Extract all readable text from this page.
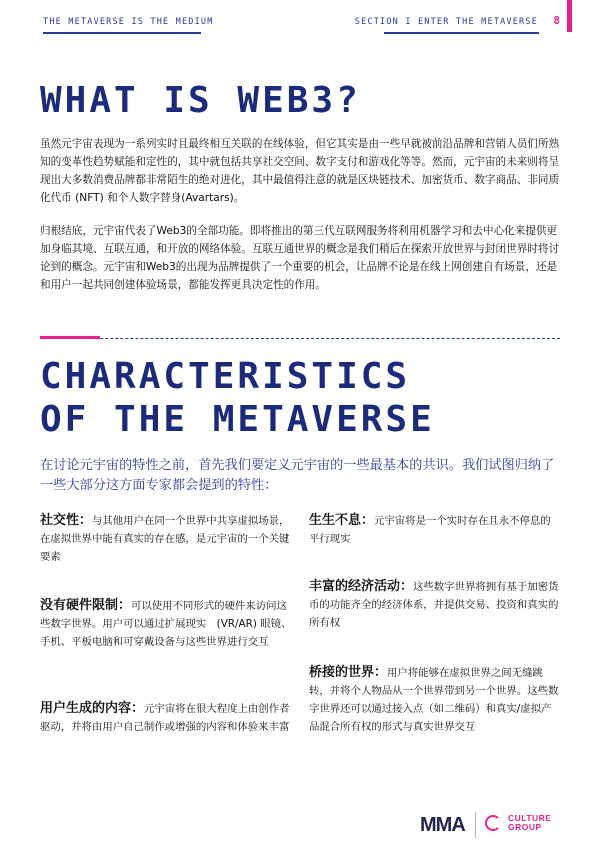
THE METAVERSE IS THE MEDIUM	SECTION I ENTER THE METAVERSE 8
WHAT IS WEB3?

虽然元宇宙表现为一系列实时且最终相互关联的在线体验，但它其实是由一些早就被前沿品牌和营销人员们所熟知的变革性趋势赋能和定性的，其中就包括共享社交空间、数字支付和游戏化等等。然而，元宇宙的未来则将呈现出大多数消费品牌都非常陌生的绝对进化，其中最值得注意的就是区块链技术、加密货币、数字商品、非同质化代币 (NFT) 和个人数字替身(Avartars)。

归根结底，元宇宙代表了Web3的全部功能。即将推出的第三代互联网服务将利用机器学习和去中心化来提供更加身临其境、互联互通，和开放的网络体验。互联互通世界的概念是我们稍后在探索开放世界与封闭世界时将讨论到的概念。元宇宙和Web3的出现为品牌提供了一个重要的机会，让品牌不论是在线上网创建自有场景，还是和用户一起共同创建体验场景，都能发挥更具决定性的作用。

CHARACTERISTICS
OF THE METAVERSE

在讨论元宇宙的特性之前，首先我们要定义元宇宙的一些最基本的共识。我们试图归纳了一些大部分这方面专家都会提到的特性：

社交性：与其他用户在同一个世界中共享虚拟场景，在虚拟世界中能有真实的存在感，是元宇宙的一个关键要素

没有硬件限制：可以使用不同形式的硬件来访问这些数字世界。用户可以通过扩展现实　(VR/AR) 眼镜、手机、平板电脑和可穿戴设备与这些世界进行交互

用户生成的内容：元宇宙将在很大程度上由创作者驱动，并将由用户自己制作或增强的内容和体验来丰富

生生不息：元宇宙将是一个实时存在且永不停息的平行现实

丰富的经济活动：这些数字世界将拥有基于加密货币的功能齐全的经济体系，并提供交易、投资和真实的所有权

桥接的世界：用户将能够在虚拟世界之间无缝跳转，并将个人物品从一个世界带到另一个世界。这些数字世界还可以通过接入点（如二维码）和真实/虚拟产品混合所有权的形式与真实世界交互

MMA	CULTURE
GROUP
